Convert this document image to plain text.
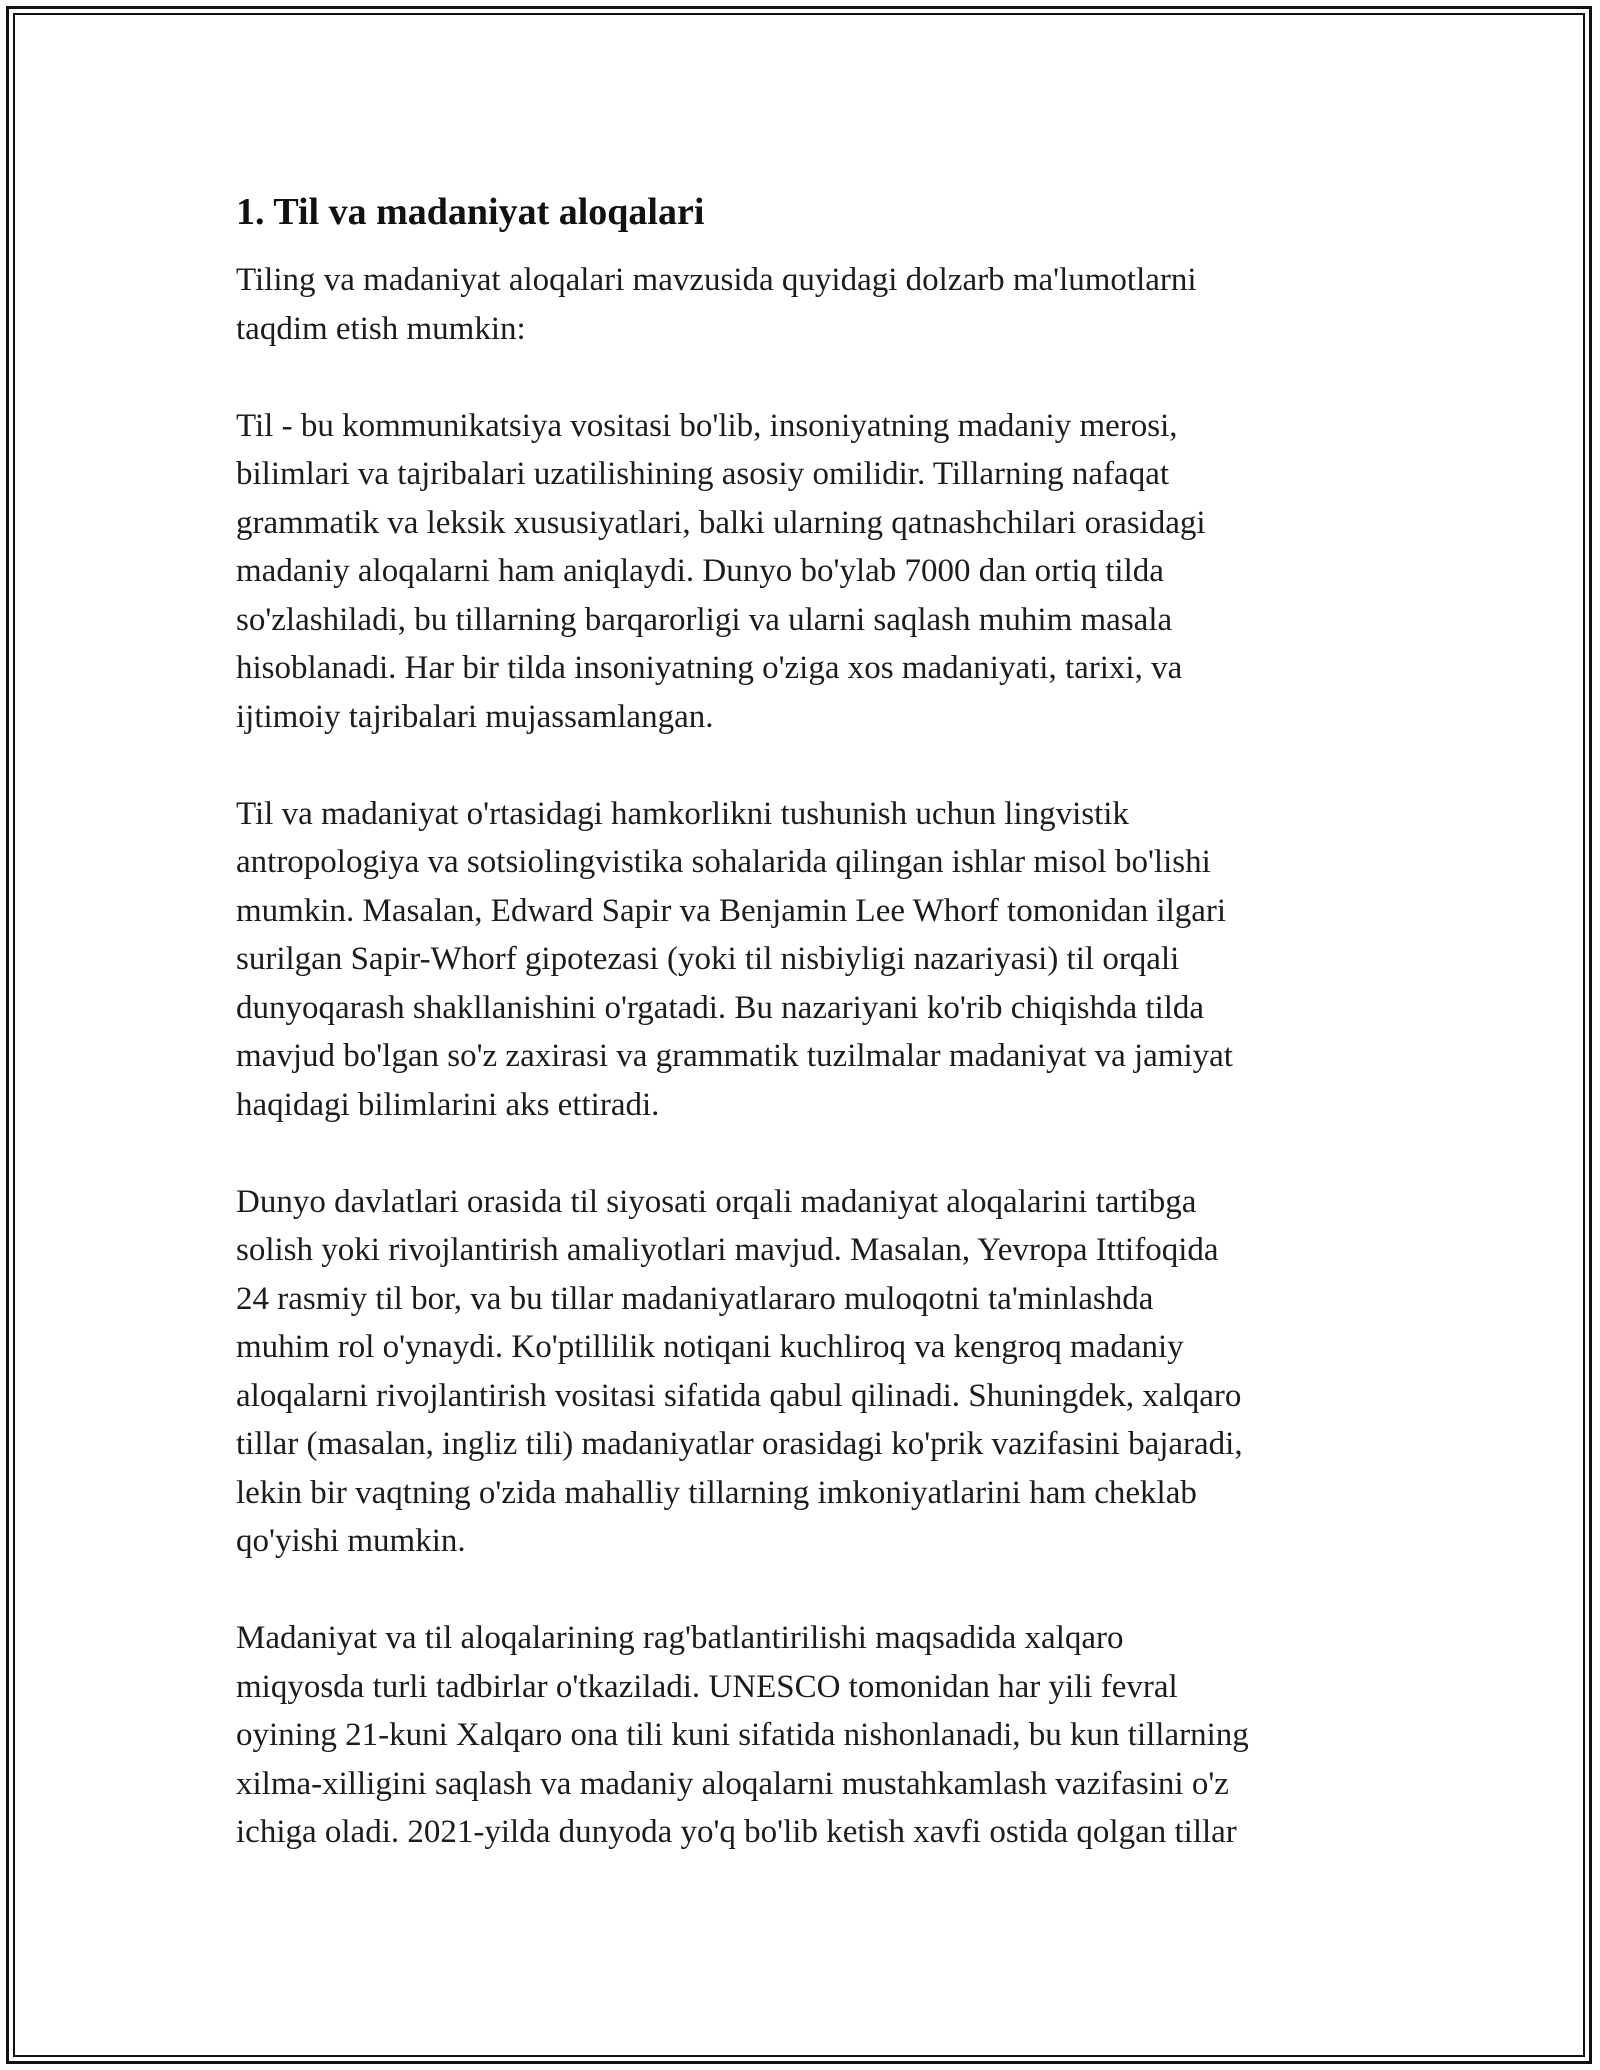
1. Til va madaniyat aloqalari

Tiling va madaniyat aloqalari mavzusida quyidagi dolzarb ma'lumotlarni
taqdim etish mumkin:

Til - bu kommunikatsiya vositasi bo'lib, insoniyatning madaniy merosi,
bilimlari va tajribalari uzatilishining asosiy omilidir. Tillarning nafaqat
grammatik va leksik xususiyatlari, balki ularning qatnashchilari orasidagi
madaniy aloqalarni ham aniqlaydi. Dunyo bo'ylab 7000 dan ortiq tilda
so'zlashiladi, bu tillarning barqarorligi va ularni saqlash muhim masala
hisoblanadi. Har bir tilda insoniyatning o'ziga xos madaniyati, tarixi, va
ijtimoiy tajribalari mujassamlangan.

Til va madaniyat o'rtasidagi hamkorlikni tushunish uchun lingvistik
antropologiya va sotsiolingvistika sohalarida qilingan ishlar misol bo'lishi
mumkin. Masalan, Edward Sapir va Benjamin Lee Whorf tomonidan ilgari
surilgan Sapir-Whorf gipotezasi (yoki til nisbiyligi nazariyasi) til orqali
dunyoqarash shakllanishini o'rgatadi. Bu nazariyani ko'rib chiqishda tilda
mavjud bo'lgan so'z zaxirasi va grammatik tuzilmalar madaniyat va jamiyat
haqidagi bilimlarini aks ettiradi.

Dunyo davlatlari orasida til siyosati orqali madaniyat aloqalarini tartibga
solish yoki rivojlantirish amaliyotlari mavjud. Masalan, Yevropa Ittifoqida
24 rasmiy til bor, va bu tillar madaniyatlararo muloqotni ta'minlashda
muhim rol o'ynaydi. Ko'ptillilik notiqani kuchliroq va kengroq madaniy
aloqalarni rivojlantirish vositasi sifatida qabul qilinadi. Shuningdek, xalqaro
tillar (masalan, ingliz tili) madaniyatlar orasidagi ko'prik vazifasini bajaradi,
lekin bir vaqtning o'zida mahalliy tillarning imkoniyatlarini ham cheklab
qo'yishi mumkin.

Madaniyat va til aloqalarining rag'batlantirilishi maqsadida xalqaro
miqyosda turli tadbirlar o'tkaziladi. UNESCO tomonidan har yili fevral
oyining 21-kuni Xalqaro ona tili kuni sifatida nishonlanadi, bu kun tillarning
xilma-xilligini saqlash va madaniy aloqalarni mustahkamlash vazifasini o'z
ichiga oladi. 2021-yilda dunyoda yo'q bo'lib ketish xavfi ostida qolgan tillar
